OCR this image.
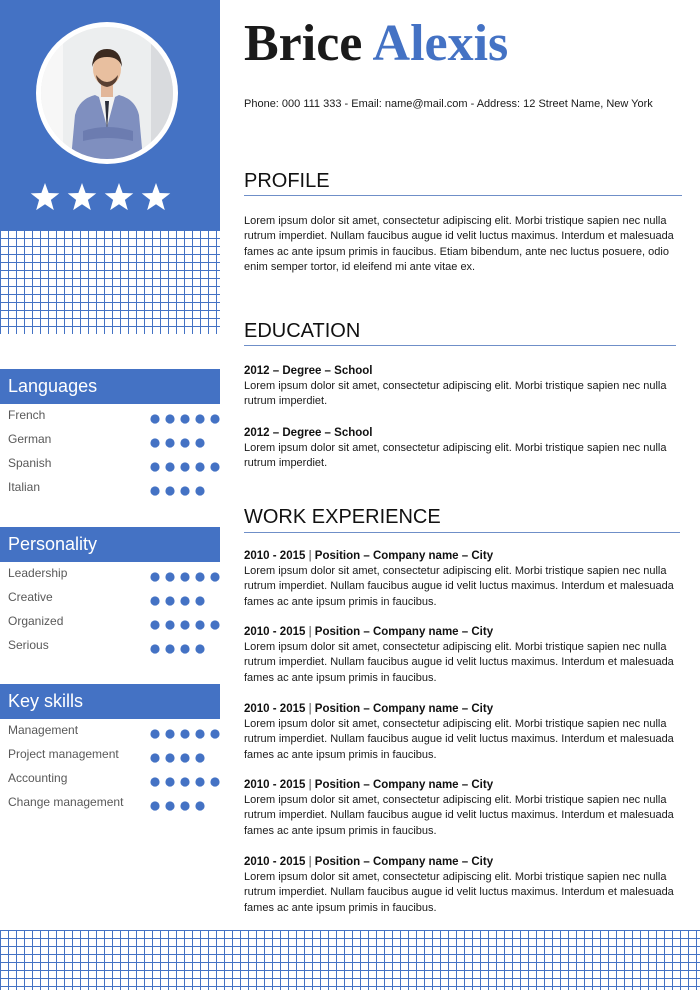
Languages
French
German
Spanish
Italian
Personality
Leadership
Creative
Organized
Serious
Key skills
Management
Project management
Accounting
Change management
Brice Alexis
Phone: 000 111 333 - Email: name@mail.com - Address: 12 Street Name, New York
PROFILE
Lorem ipsum dolor sit amet, consectetur adipiscing elit. Morbi tristique sapien nec nulla rutrum imperdiet. Nullam faucibus augue id velit luctus maximus. Interdum et malesuada fames ac ante ipsum primis in faucibus. Etiam bibendum, ante nec luctus posuere, odio enim semper tortor, id eleifend mi ante vitae ex.
EDUCATION
2012 – Degree – School
Lorem ipsum dolor sit amet, consectetur adipiscing elit. Morbi tristique sapien nec nulla rutrum imperdiet.
2012 – Degree – School
Lorem ipsum dolor sit amet, consectetur adipiscing elit. Morbi tristique sapien nec nulla rutrum imperdiet.
WORK EXPERIENCE
2010 - 2015 | Position – Company name – City
Lorem ipsum dolor sit amet, consectetur adipiscing elit. Morbi tristique sapien nec nulla rutrum imperdiet. Nullam faucibus augue id velit luctus maximus. Interdum et malesuada fames ac ante ipsum primis in faucibus.
2010 - 2015 | Position – Company name – City
Lorem ipsum dolor sit amet, consectetur adipiscing elit. Morbi tristique sapien nec nulla rutrum imperdiet. Nullam faucibus augue id velit luctus maximus. Interdum et malesuada fames ac ante ipsum primis in faucibus.
2010 - 2015 | Position – Company name – City
Lorem ipsum dolor sit amet, consectetur adipiscing elit. Morbi tristique sapien nec nulla rutrum imperdiet. Nullam faucibus augue id velit luctus maximus. Interdum et malesuada fames ac ante ipsum primis in faucibus.
2010 - 2015 | Position – Company name – City
Lorem ipsum dolor sit amet, consectetur adipiscing elit. Morbi tristique sapien nec nulla rutrum imperdiet. Nullam faucibus augue id velit luctus maximus. Interdum et malesuada fames ac ante ipsum primis in faucibus.
2010 - 2015 | Position – Company name – City
Lorem ipsum dolor sit amet, consectetur adipiscing elit. Morbi tristique sapien nec nulla rutrum imperdiet. Nullam faucibus augue id velit luctus maximus. Interdum et malesuada fames ac ante ipsum primis in faucibus.
